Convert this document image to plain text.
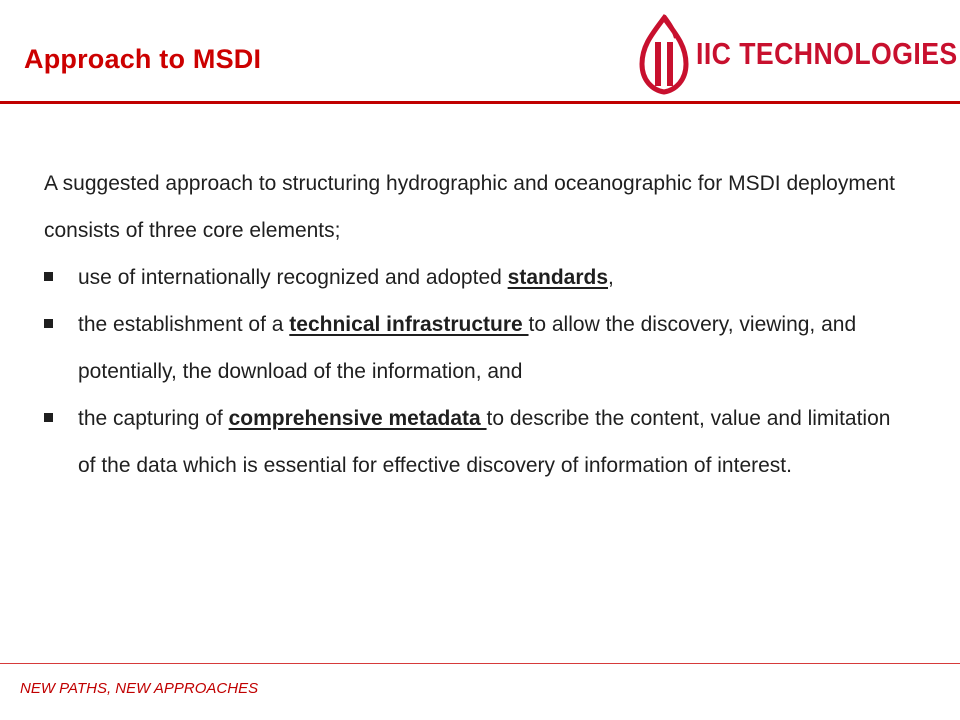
Approach to MSDI	IIC TECHNOLOGIES

A suggested approach to structuring hydrographic and oceanographic for MSDI deployment consists of three core elements;

use of internationally recognized and adopted standards,

the establishment of a technical infrastructure to allow the discovery, viewing, and potentially, the download of the information, and

the capturing of comprehensive metadata to describe the content, value and limitation of the data which is essential for effective discovery of information of interest.

NEW PATHS, NEW APPROACHES
